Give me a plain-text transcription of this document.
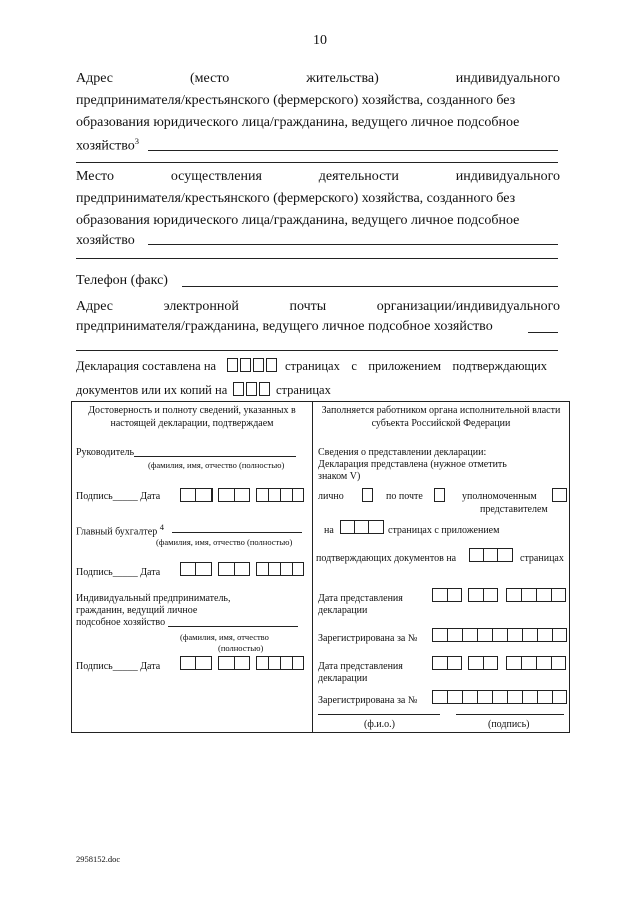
10
Адрес	(место	жительства)	индивидуального
предпринимателя/крестьянского (фермерского) хозяйства, созданного без
образования юридического лица/гражданина, ведущего личное подсобное
хозяйство$^3$
Место	осуществления	деятельности	индивидуального
предпринимателя/крестьянского (фермерского) хозяйства, созданного без
образования юридического лица/гражданина, ведущего личное подсобное
хозяйство
Телефон (факс)
Адрес	электронной	почты	организации/индивидуального
предпринимателя/гражданина, ведущего личное подсобное хозяйство
Декларация составлена на	страницах с приложением подтверждающих
документов или их копий на	страницах
Достоверность и полноту сведений, указанных в настоящей декларации, подтверждаем
Руководитель
(фамилия, имя, отчество (полностью)
Подпись_____ Дата
Главный бухгалтер $^4$
(фамилия, имя, отчество (полностью)
Подпись_____ Дата
Индивидуальный предприниматель,
гражданин, ведущий личное
подсобное хозяйство
(фамилия, имя, отчество
(полностью)
Подпись_____ Дата
Заполняется работником органа исполнительной власти субъекта Российской Федерации
Сведения о представлении декларации:
Декларация представлена (нужное отметить
знаком V)
лично	по почте	уполномоченным
представителем
на	страницах с приложением
подтверждающих документов на	страницах
Дата представления
декларации
Зарегистрирована за №
Дата представления
декларации
Зарегистрирована за №
(ф.и.о.)	(подпись)
2958152.doc
